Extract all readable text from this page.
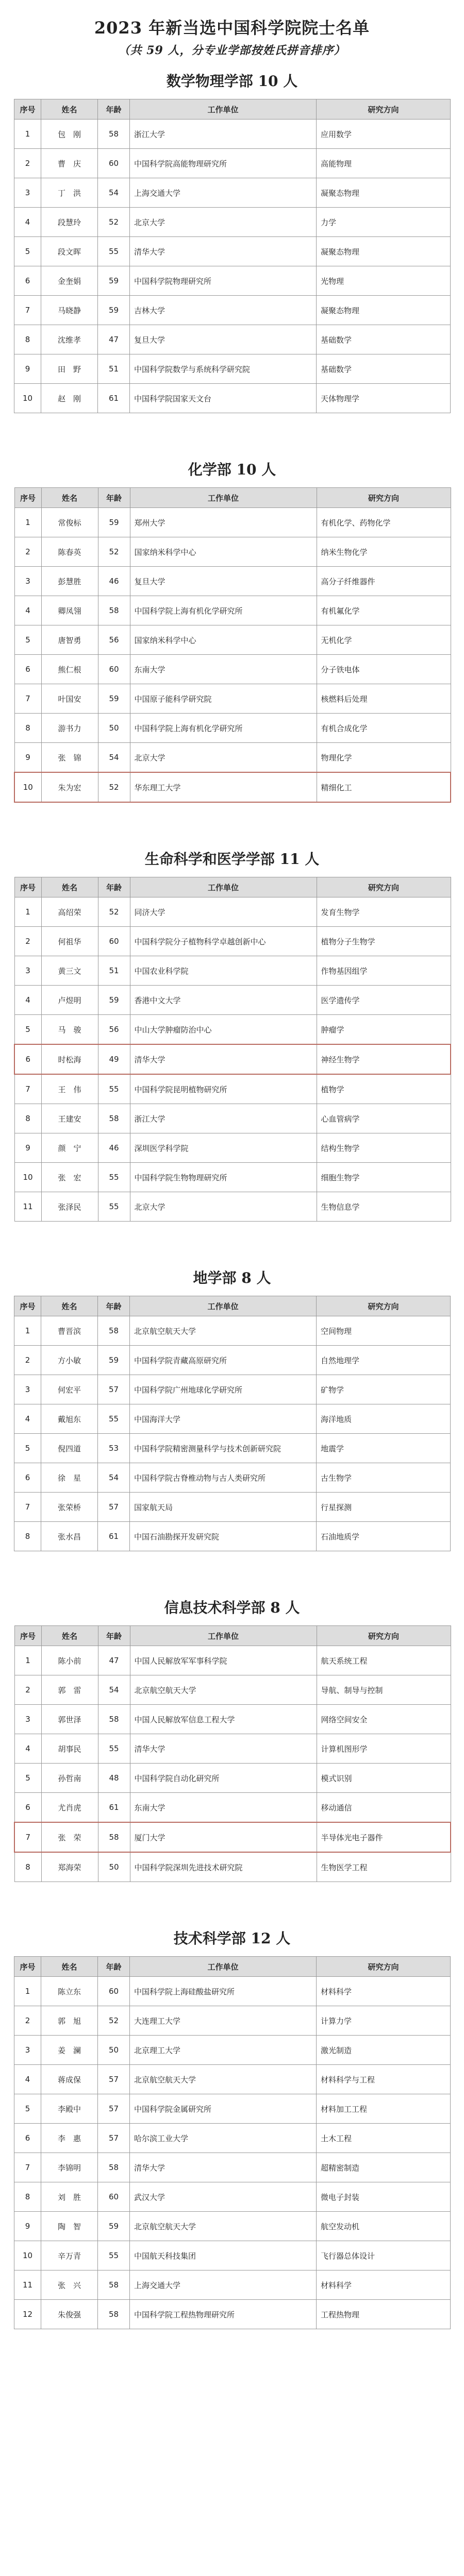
2023 年新当选中国科学院院士名单
（共 59 人，分专业学部按姓氏拼音排序）
数学物理学部 10 人
序号	姓名	年龄	工作单位	研究方向
1	包　刚	58	浙江大学	应用数学
2	曹　庆	60	中国科学院高能物理研究所	高能物理
3	丁　洪	54	上海交通大学	凝聚态物理
4	段慧玲	52	北京大学	力学
5	段文晖	55	清华大学	凝聚态物理
6	金奎娟	59	中国科学院物理研究所	光物理
7	马晓静	59	吉林大学	凝聚态物理
8	沈维孝	47	复旦大学	基础数学
9	田　野	51	中国科学院数学与系统科学研究院	基础数学
10	赵　刚	61	中国科学院国家天文台	天体物理学
化学部 10 人
序号	姓名	年龄	工作单位	研究方向
1	常俊标	59	郑州大学	有机化学、药物化学
2	陈春英	52	国家纳米科学中心	纳米生物化学
3	彭慧胜	46	复旦大学	高分子纤维器件
4	卿凤翎	58	中国科学院上海有机化学研究所	有机氟化学
5	唐智勇	56	国家纳米科学中心	无机化学
6	熊仁根	60	东南大学	分子铁电体
7	叶国安	59	中国原子能科学研究院	核燃料后处理
8	游书力	50	中国科学院上海有机化学研究所	有机合成化学
9	张　锦	54	北京大学	物理化学
10	朱为宏	52	华东理工大学	精细化工
生命科学和医学学部 11 人
序号	姓名	年龄	工作单位	研究方向
1	高绍荣	52	同济大学	发育生物学
2	何祖华	60	中国科学院分子植物科学卓越创新中心	植物分子生物学
3	黄三文	51	中国农业科学院	作物基因组学
4	卢煜明	59	香港中文大学	医学遗传学
5	马　骏	56	中山大学肿瘤防治中心	肿瘤学
6	时松海	49	清华大学	神经生物学
7	王　伟	55	中国科学院昆明植物研究所	植物学
8	王建安	58	浙江大学	心血管病学
9	颜　宁	46	深圳医学科学院	结构生物学
10	张　宏	55	中国科学院生物物理研究所	细胞生物学
11	张泽民	55	北京大学	生物信息学
地学部 8 人
序号	姓名	年龄	工作单位	研究方向
1	曹晋滨	58	北京航空航天大学	空间物理
2	方小敏	59	中国科学院青藏高原研究所	自然地理学
3	何宏平	57	中国科学院广州地球化学研究所	矿物学
4	戴旭东	55	中国海洋大学	海洋地质
5	倪四道	53	中国科学院精密测量科学与技术创新研究院	地震学
6	徐　星	54	中国科学院古脊椎动物与古人类研究所	古生物学
7	张荣桥	57	国家航天局	行星探测
8	张水昌	61	中国石油勘探开发研究院	石油地质学
信息技术科学部 8 人
序号	姓名	年龄	工作单位	研究方向
1	陈小前	47	中国人民解放军军事科学院	航天系统工程
2	郭　雷	54	北京航空航天大学	导航、制导与控制
3	郭世泽	58	中国人民解放军信息工程大学	网络空间安全
4	胡事民	55	清华大学	计算机图形学
5	孙哲南	48	中国科学院自动化研究所	模式识别
6	尤肖虎	61	东南大学	移动通信
7	张　荣	58	厦门大学	半导体光电子器件
8	郑海荣	50	中国科学院深圳先进技术研究院	生物医学工程
技术科学部 12 人
序号	姓名	年龄	工作单位	研究方向
1	陈立东	60	中国科学院上海硅酸盐研究所	材料科学
2	郭　旭	52	大连理工大学	计算力学
3	姜　澜	50	北京理工大学	激光制造
4	蒋成保	57	北京航空航天大学	材料科学与工程
5	李殿中	57	中国科学院金属研究所	材料加工工程
6	李　惠	57	哈尔滨工业大学	土木工程
7	李锦明	58	清华大学	超精密制造
8	刘　胜	60	武汉大学	微电子封装
9	陶　智	59	北京航空航天大学	航空发动机
10	辛万青	55	中国航天科技集团	飞行器总体设计
11	张　兴	58	上海交通大学	材料科学
12	朱俊强	58	中国科学院工程热物理研究所	工程热物理
